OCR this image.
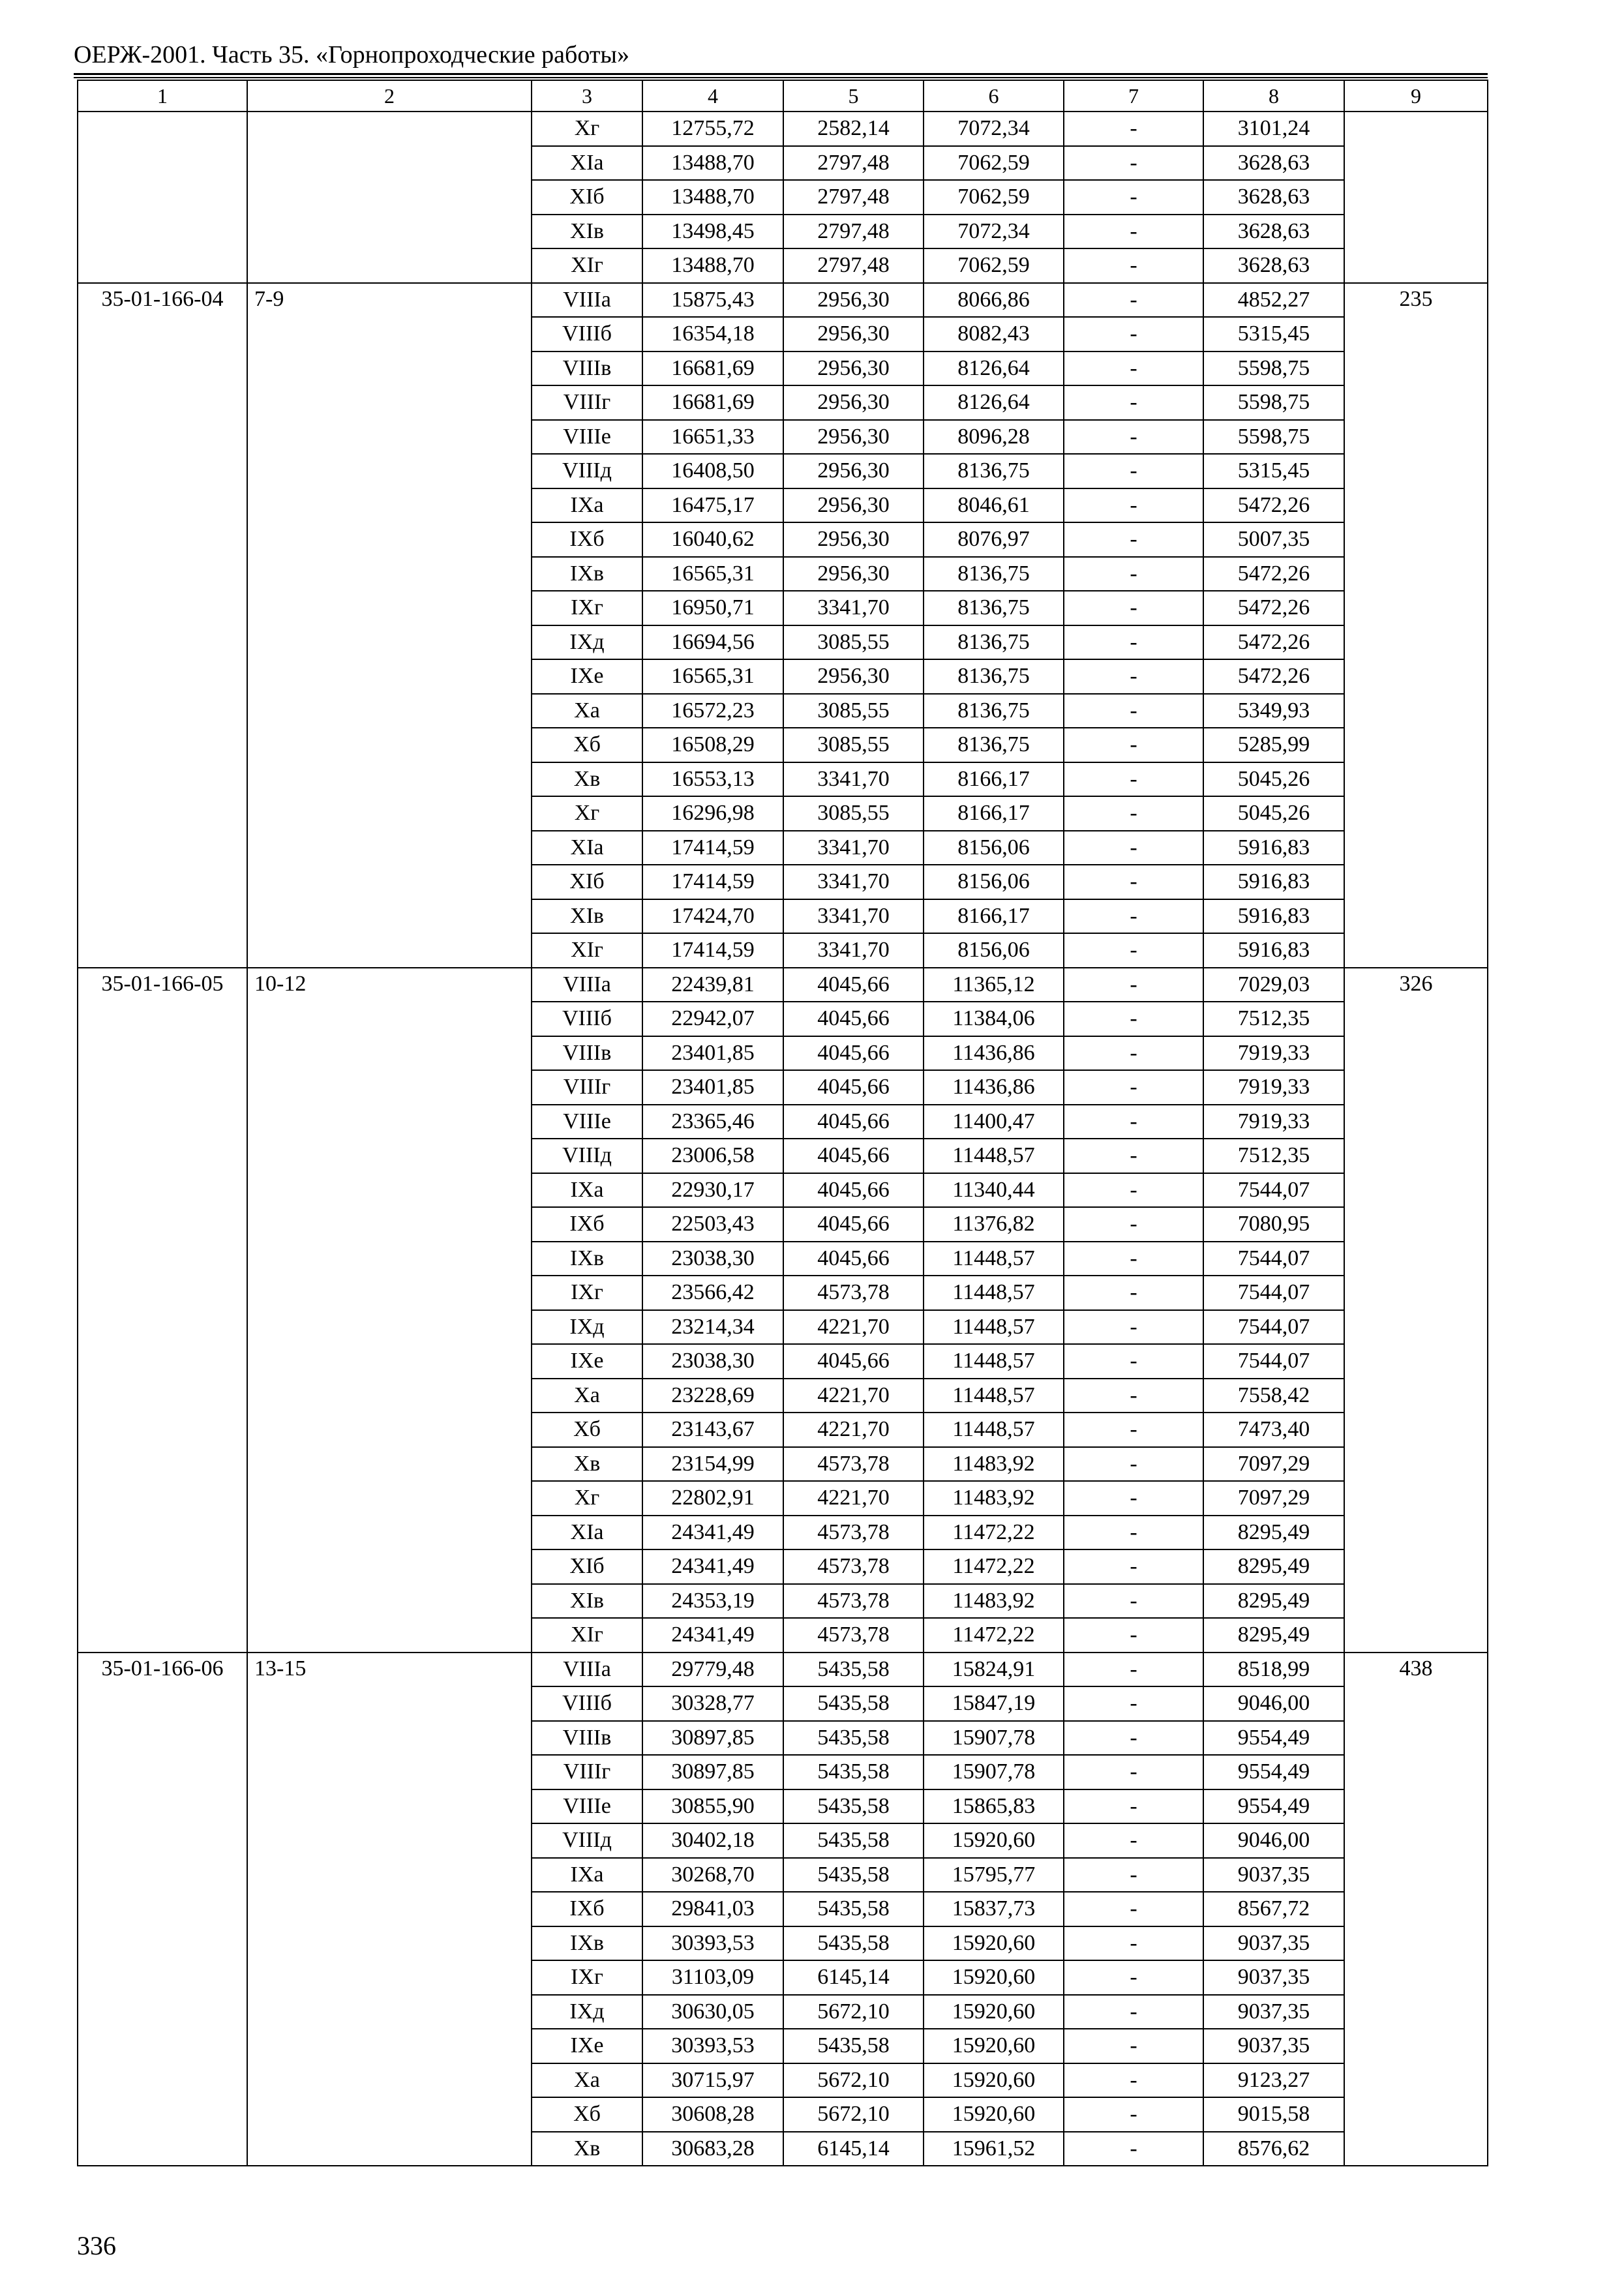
ОЕРЖ-2001. Часть 35. «Горнопроходческие работы»
1	2	3	4	5	6	7	8	9
		Xг	12755,72	2582,14	7072,34	-	3101,24	
		XIa	13488,70	2797,48	7062,59	-	3628,63	
		XIб	13488,70	2797,48	7062,59	-	3628,63	
		XIв	13498,45	2797,48	7072,34	-	3628,63	
		XIг	13488,70	2797,48	7062,59	-	3628,63	
35-01-166-04	7-9	VIIIa	15875,43	2956,30	8066,86	-	4852,27	235
		VIIIб	16354,18	2956,30	8082,43	-	5315,45	
		VIIIв	16681,69	2956,30	8126,64	-	5598,75	
		VIIIг	16681,69	2956,30	8126,64	-	5598,75	
		VIIIe	16651,33	2956,30	8096,28	-	5598,75	
		VIIIд	16408,50	2956,30	8136,75	-	5315,45	
		IXa	16475,17	2956,30	8046,61	-	5472,26	
		IXб	16040,62	2956,30	8076,97	-	5007,35	
		IXв	16565,31	2956,30	8136,75	-	5472,26	
		IXг	16950,71	3341,70	8136,75	-	5472,26	
		IXд	16694,56	3085,55	8136,75	-	5472,26	
		IXe	16565,31	2956,30	8136,75	-	5472,26	
		Xa	16572,23	3085,55	8136,75	-	5349,93	
		Xб	16508,29	3085,55	8136,75	-	5285,99	
		Xв	16553,13	3341,70	8166,17	-	5045,26	
		Xг	16296,98	3085,55	8166,17	-	5045,26	
		XIa	17414,59	3341,70	8156,06	-	5916,83	
		XIб	17414,59	3341,70	8156,06	-	5916,83	
		XIв	17424,70	3341,70	8166,17	-	5916,83	
		XIг	17414,59	3341,70	8156,06	-	5916,83	
35-01-166-05	10-12	VIIIa	22439,81	4045,66	11365,12	-	7029,03	326
		VIIIб	22942,07	4045,66	11384,06	-	7512,35	
		VIIIв	23401,85	4045,66	11436,86	-	7919,33	
		VIIIг	23401,85	4045,66	11436,86	-	7919,33	
		VIIIe	23365,46	4045,66	11400,47	-	7919,33	
		VIIIд	23006,58	4045,66	11448,57	-	7512,35	
		IXa	22930,17	4045,66	11340,44	-	7544,07	
		IXб	22503,43	4045,66	11376,82	-	7080,95	
		IXв	23038,30	4045,66	11448,57	-	7544,07	
		IXг	23566,42	4573,78	11448,57	-	7544,07	
		IXд	23214,34	4221,70	11448,57	-	7544,07	
		IXe	23038,30	4045,66	11448,57	-	7544,07	
		Xa	23228,69	4221,70	11448,57	-	7558,42	
		Xб	23143,67	4221,70	11448,57	-	7473,40	
		Xв	23154,99	4573,78	11483,92	-	7097,29	
		Xг	22802,91	4221,70	11483,92	-	7097,29	
		XIa	24341,49	4573,78	11472,22	-	8295,49	
		XIб	24341,49	4573,78	11472,22	-	8295,49	
		XIв	24353,19	4573,78	11483,92	-	8295,49	
		XIг	24341,49	4573,78	11472,22	-	8295,49	
35-01-166-06	13-15	VIIIa	29779,48	5435,58	15824,91	-	8518,99	438
		VIIIб	30328,77	5435,58	15847,19	-	9046,00	
		VIIIв	30897,85	5435,58	15907,78	-	9554,49	
		VIIIг	30897,85	5435,58	15907,78	-	9554,49	
		VIIIe	30855,90	5435,58	15865,83	-	9554,49	
		VIIIд	30402,18	5435,58	15920,60	-	9046,00	
		IXa	30268,70	5435,58	15795,77	-	9037,35	
		IXб	29841,03	5435,58	15837,73	-	8567,72	
		IXв	30393,53	5435,58	15920,60	-	9037,35	
		IXг	31103,09	6145,14	15920,60	-	9037,35	
		IXд	30630,05	5672,10	15920,60	-	9037,35	
		IXe	30393,53	5435,58	15920,60	-	9037,35	
		Xa	30715,97	5672,10	15920,60	-	9123,27	
		Xб	30608,28	5672,10	15920,60	-	9015,58	
		Xв	30683,28	6145,14	15961,52	-	8576,62	
336
